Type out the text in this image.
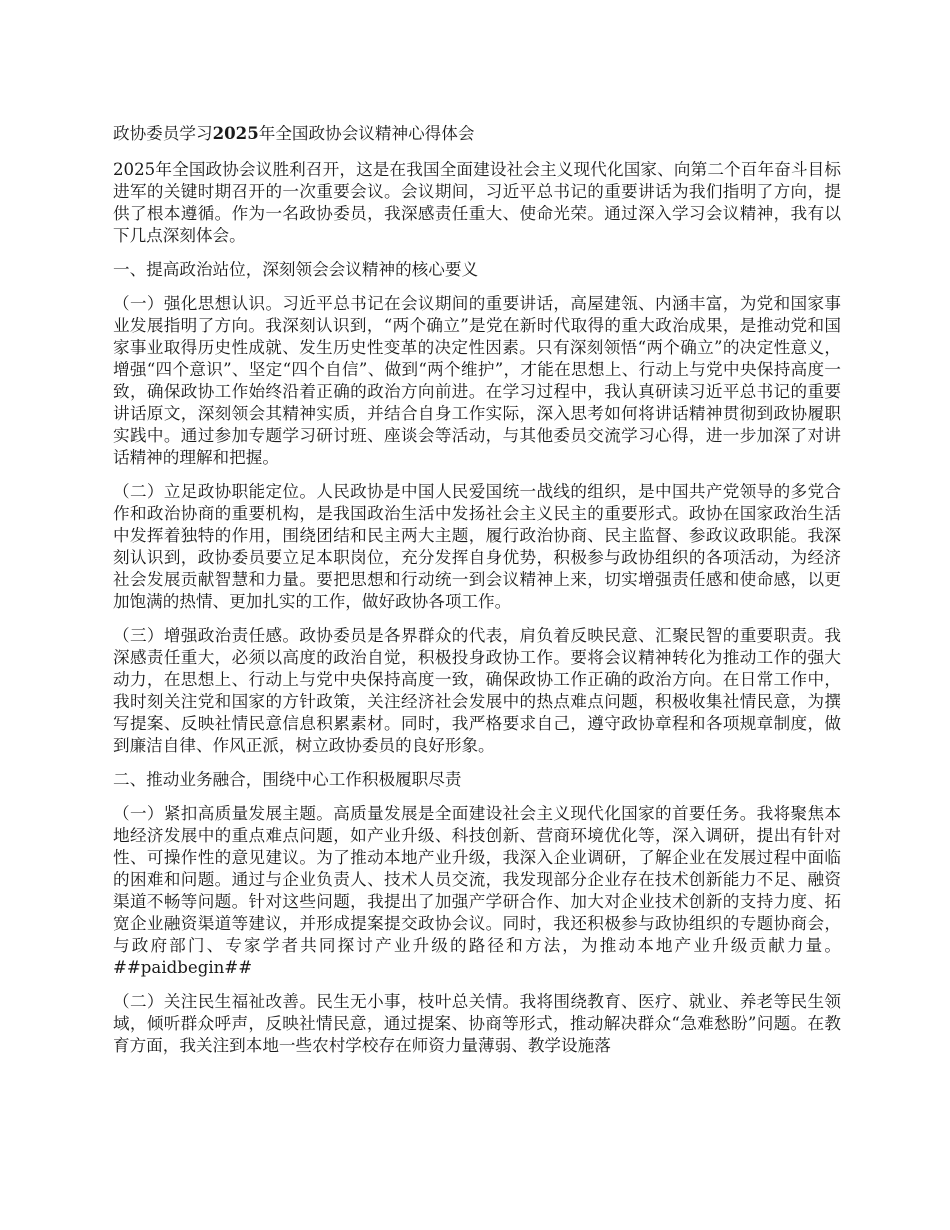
政协委员学习2025年全国政协会议精神心得体会

2025年全国政协会议胜利召开，这是在我国全面建设社会主义现代化国家、向第二个百年奋斗目标进军的关键时期召开的一次重要会议。会议期间，习近平总书记的重要讲话为我们指明了方向，提供了根本遵循。作为一名政协委员，我深感责任重大、使命光荣。通过深入学习会议精神，我有以下几点深刻体会。

一、提高政治站位，深刻领会会议精神的核心要义

（一）强化思想认识。习近平总书记在会议期间的重要讲话，高屋建瓴、内涵丰富，为党和国家事业发展指明了方向。我深刻认识到，“两个确立”是党在新时代取得的重大政治成果，是推动党和国家事业取得历史性成就、发生历史性变革的决定性因素。只有深刻领悟“两个确立”的决定性意义，增强“四个意识”、坚定“四个自信”、做到“两个维护”，才能在思想上、行动上与党中央保持高度一致，确保政协工作始终沿着正确的政治方向前进。在学习过程中，我认真研读习近平总书记的重要讲话原文，深刻领会其精神实质，并结合自身工作实际，深入思考如何将讲话精神贯彻到政协履职实践中。通过参加专题学习研讨班、座谈会等活动，与其他委员交流学习心得，进一步加深了对讲话精神的理解和把握。

（二）立足政协职能定位。人民政协是中国人民爱国统一战线的组织，是中国共产党领导的多党合作和政治协商的重要机构，是我国政治生活中发扬社会主义民主的重要形式。政协在国家政治生活中发挥着独特的作用，围绕团结和民主两大主题，履行政治协商、民主监督、参政议政职能。我深刻认识到，政协委员要立足本职岗位，充分发挥自身优势，积极参与政协组织的各项活动，为经济社会发展贡献智慧和力量。要把思想和行动统一到会议精神上来，切实增强责任感和使命感，以更加饱满的热情、更加扎实的工作，做好政协各项工作。

（三）增强政治责任感。政协委员是各界群众的代表，肩负着反映民意、汇聚民智的重要职责。我深感责任重大，必须以高度的政治自觉，积极投身政协工作。要将会议精神转化为推动工作的强大动力，在思想上、行动上与党中央保持高度一致，确保政协工作正确的政治方向。在日常工作中，我时刻关注党和国家的方针政策，关注经济社会发展中的热点难点问题，积极收集社情民意，为撰写提案、反映社情民意信息积累素材。同时，我严格要求自己，遵守政协章程和各项规章制度，做到廉洁自律、作风正派，树立政协委员的良好形象。

二、推动业务融合，围绕中心工作积极履职尽责

（一）紧扣高质量发展主题。高质量发展是全面建设社会主义现代化国家的首要任务。我将聚焦本地经济发展中的重点难点问题，如产业升级、科技创新、营商环境优化等，深入调研，提出有针对性、可操作性的意见建议。为了推动本地产业升级，我深入企业调研，了解企业在发展过程中面临的困难和问题。通过与企业负责人、技术人员交流，我发现部分企业存在技术创新能力不足、融资渠道不畅等问题。针对这些问题，我提出了加强产学研合作、加大对企业技术创新的支持力度、拓宽企业融资渠道等建议，并形成提案提交政协会议。同时，我还积极参与政协组织的专题协商会，与政府部门、专家学者共同探讨产业升级的路径和方法，为推动本地产业升级贡献力量。##paidbegin##

（二）关注民生福祉改善。民生无小事，枝叶总关情。我将围绕教育、医疗、就业、养老等民生领域，倾听群众呼声，反映社情民意，通过提案、协商等形式，推动解决群众“急难愁盼”问题。在教育方面，我关注到本地一些农村学校存在师资力量薄弱、教学设施落
